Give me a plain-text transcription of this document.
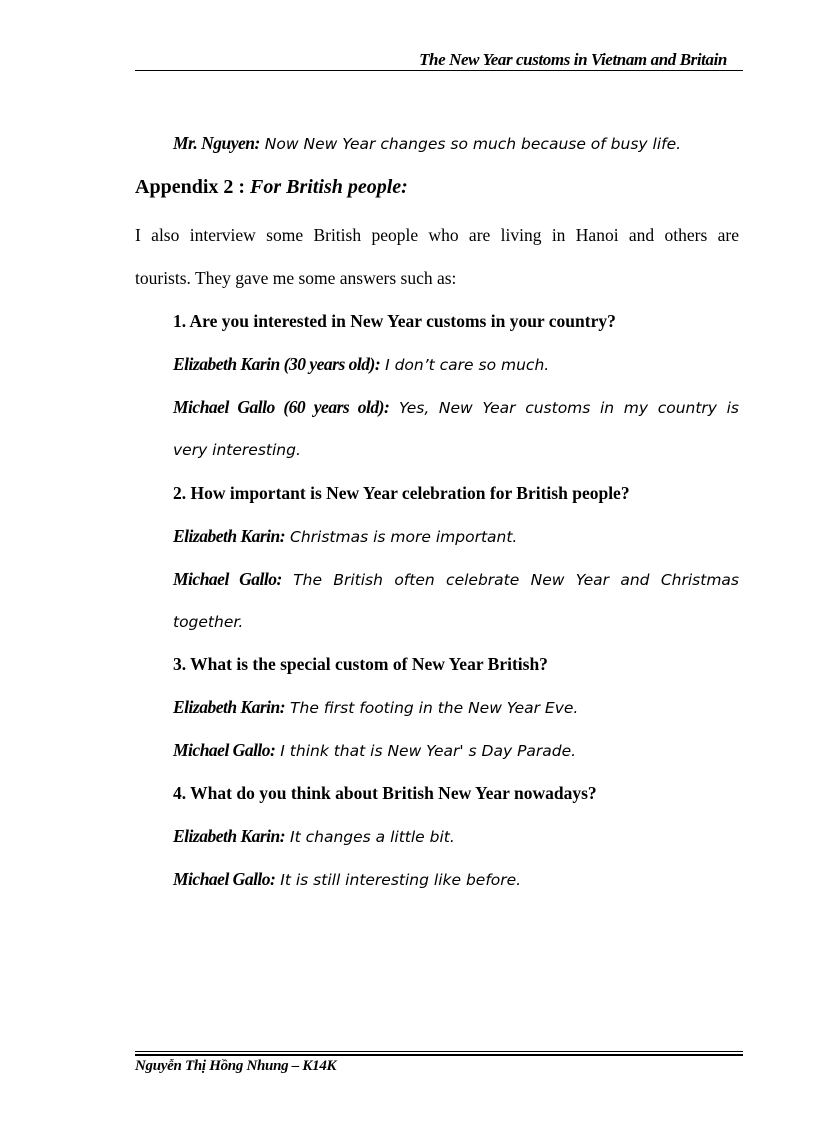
The New Year customs in Vietnam and Britain
Mr. Nguyen: Now New Year changes so much because of busy life.
Appendix 2 : For British people:
I also interview some British people who are living in Hanoi and others are
tourists. They gave me some answers such as:
1. Are you interested in New Year customs in your country?
Elizabeth Karin (30 years old): I don’t care so much.
Michael Gallo (60 years old): Yes, New Year customs in my country is
very interesting.
2. How important is New Year celebration for British people?
Elizabeth Karin: Christmas is more important.
Michael Gallo: The British often celebrate New Year and Christmas
together.
3. What is the special custom of New Year British?
Elizabeth Karin: The first footing in the New Year Eve.
Michael Gallo: I think that is New Year' s Day Parade.
4. What do you think about British New Year nowadays?
Elizabeth Karin: It changes a little bit.
Michael Gallo: It is still interesting like before.
Nguyễn Thị Hồng Nhung – K14K
